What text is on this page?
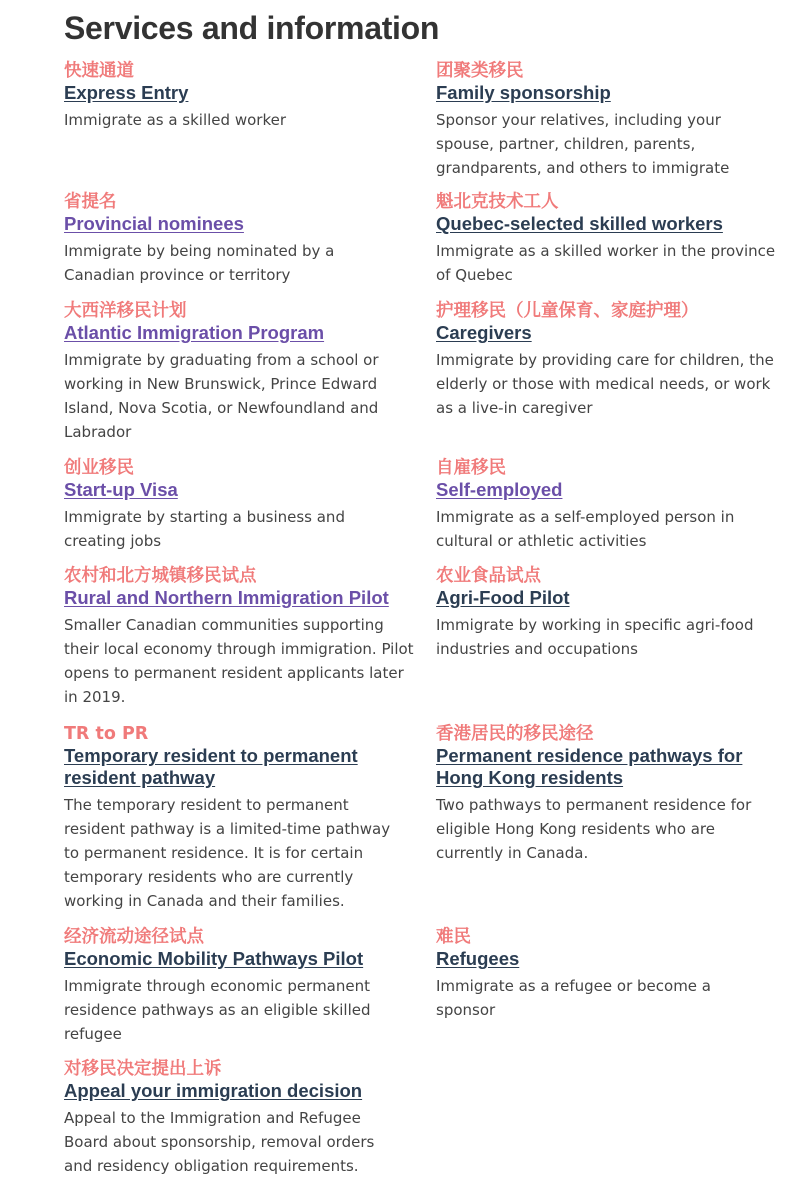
Services and information
快速通道
Express Entry
Immigrate as a skilled worker
团聚类移民
Family sponsorship
Sponsor your relatives, including your spouse, partner, children, parents, grandparents, and others to immigrate
省提名
Provincial nominees
Immigrate by being nominated by a Canadian province or territory
魁北克技术工人
Quebec-selected skilled workers
Immigrate as a skilled worker in the province of Quebec
大西洋移民计划
Atlantic Immigration Program
Immigrate by graduating from a school or working in New Brunswick, Prince Edward Island, Nova Scotia, or Newfoundland and Labrador
护理移民（儿童保育、家庭护理）
Caregivers
Immigrate by providing care for children, the elderly or those with medical needs, or work as a live-in caregiver
创业移民
Start-up Visa
Immigrate by starting a business and creating jobs
自雇移民
Self-employed
Immigrate as a self-employed person in cultural or athletic activities
农村和北方城镇移民试点
Rural and Northern Immigration Pilot
Smaller Canadian communities supporting their local economy through immigration. Pilot opens to permanent resident applicants later in 2019.
农业食品试点
Agri-Food Pilot
Immigrate by working in specific agri-food industries and occupations
TR to PR
Temporary resident to permanent resident pathway
The temporary resident to permanent resident pathway is a limited-time pathway to permanent residence. It is for certain temporary residents who are currently working in Canada and their families.
香港居民的移民途径
Permanent residence pathways for Hong Kong residents
Two pathways to permanent residence for eligible Hong Kong residents who are currently in Canada.
经济流动途径试点
Economic Mobility Pathways Pilot
Immigrate through economic permanent residence pathways as an eligible skilled refugee
难民
Refugees
Immigrate as a refugee or become a sponsor
对移民决定提出上诉
Appeal your immigration decision
Appeal to the Immigration and Refugee Board about sponsorship, removal orders and residency obligation requirements.
